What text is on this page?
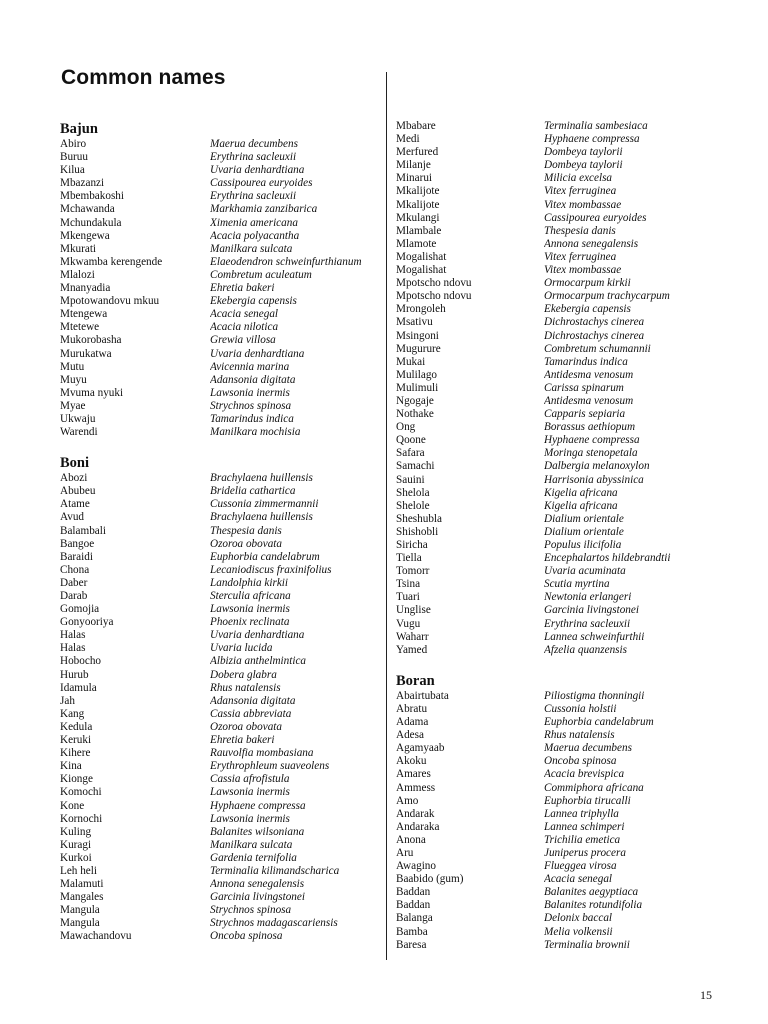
Common names
Bajun
Abiro	Maerua decumbens
Buruu	Erythrina sacleuxii
Kilua	Uvaria denhardtiana
Mbazanzi	Cassipourea euryoides
Mbembakoshi	Erythrina sacleuxii
Mchawanda	Markhamia zanzibarica
Mchundakula	Ximenia americana
Mkengewa	Acacia polyacantha
Mkurati	Manilkara sulcata
Mkwamba kerengende	Elaeodendron schweinfurthianum
Mlalozi	Combretum aculeatum
Mnanyadia	Ehretia bakeri
Mpotowandovu mkuu	Ekebergia capensis
Mtengewa	Acacia senegal
Mtetewe	Acacia nilotica
Mukorobasha	Grewia villosa
Murukatwa	Uvaria denhardtiana
Mutu	Avicennia marina
Muyu	Adansonia digitata
Mvuma nyuki	Lawsonia inermis
Myae	Strychnos spinosa
Ukwaju	Tamarindus indica
Warendi	Manilkara mochisia
Boni
Abozi	Brachylaena huillensis
Abubeu	Bridelia cathartica
Atame	Cussonia zimmermannii
Avud	Brachylaena huillensis
Balambali	Thespesia danis
Bangoe	Ozoroa obovata
Baraidi	Euphorbia candelabrum
Chona	Lecaniodiscus fraxinifolius
Daber	Landolphia kirkii
Darab	Sterculia africana
Gomojia	Lawsonia inermis
Gonyooriya	Phoenix reclinata
Halas	Uvaria denhardtiana
Halas	Uvaria lucida
Hobocho	Albizia anthelmintica
Hurub	Dobera glabra
Idamula	Rhus natalensis
Jah	Adansonia digitata
Kang	Cassia abbreviata
Kedula	Ozoroa obovata
Keruki	Ehretia bakeri
Kihere	Rauvolfia mombasiana
Kina	Erythrophleum suaveolens
Kionge	Cassia afrofistula
Komochi	Lawsonia inermis
Kone	Hyphaene compressa
Kornochi	Lawsonia inermis
Kuling	Balanites wilsoniana
Kuragi	Manilkara sulcata
Kurkoi	Gardenia ternifolia
Leh heli	Terminalia kilimandscharica
Malamuti	Annona senegalensis
Mangales	Garcinia livingstonei
Mangula	Strychnos spinosa
Mangula	Strychnos madagascariensis
Mawachandovu	Oncoba spinosa
Mbabare	Terminalia sambesiaca
Medi	Hyphaene compressa
Merfured	Dombeya taylorii
Milanje	Dombeya taylorii
Minarui	Milicia excelsa
Mkalijote	Vitex ferruginea
Mkalijote	Vitex mombassae
Mkulangi	Cassipourea euryoides
Mlambale	Thespesia danis
Mlamote	Annona senegalensis
Mogalishat	Vitex ferruginea
Mogalishat	Vitex mombassae
Mpotscho ndovu	Ormocarpum kirkii
Mpotscho ndovu	Ormocarpum trachycarpum
Mrongoleh	Ekebergia capensis
Msativu	Dichrostachys cinerea
Msingoni	Dichrostachys cinerea
Mugurure	Combretum schumannii
Mukai	Tamarindus indica
Mulilago	Antidesma venosum
Mulimuli	Carissa spinarum
Ngogaje	Antidesma venosum
Nothake	Capparis sepiaria
Ong	Borassus aethiopum
Qoone	Hyphaene compressa
Safara	Moringa stenopetala
Samachi	Dalbergia melanoxylon
Sauini	Harrisonia abyssinica
Shelola	Kigelia africana
Shelole	Kigelia africana
Sheshubla	Dialium orientale
Shishobli	Dialium orientale
Siricha	Populus ilicifolia
Tiella	Encephalartos hildebrandtii
Tomorr	Uvaria acuminata
Tsina	Scutia myrtina
Tuari	Newtonia erlangeri
Unglise	Garcinia livingstonei
Vugu	Erythrina sacleuxii
Waharr	Lannea schweinfurthii
Yamed	Afzelia quanzensis
Boran
Abairtubata	Piliostigma thonningii
Abratu	Cussonia holstii
Adama	Euphorbia candelabrum
Adesa	Rhus natalensis
Agamyaab	Maerua decumbens
Akoku	Oncoba spinosa
Amares	Acacia brevispica
Ammess	Commiphora africana
Amo	Euphorbia tirucalli
Andarak	Lannea triphylla
Andaraka	Lannea schimperi
Anona	Trichilia emetica
Aru	Juniperus procera
Awagino	Flueggea virosa
Baabido (gum)	Acacia senegal
Baddan	Balanites aegyptiaca
Baddan	Balanites rotundifolia
Balanga	Delonix baccal
Bamba	Melia volkensii
Baresa	Terminalia brownii
15
